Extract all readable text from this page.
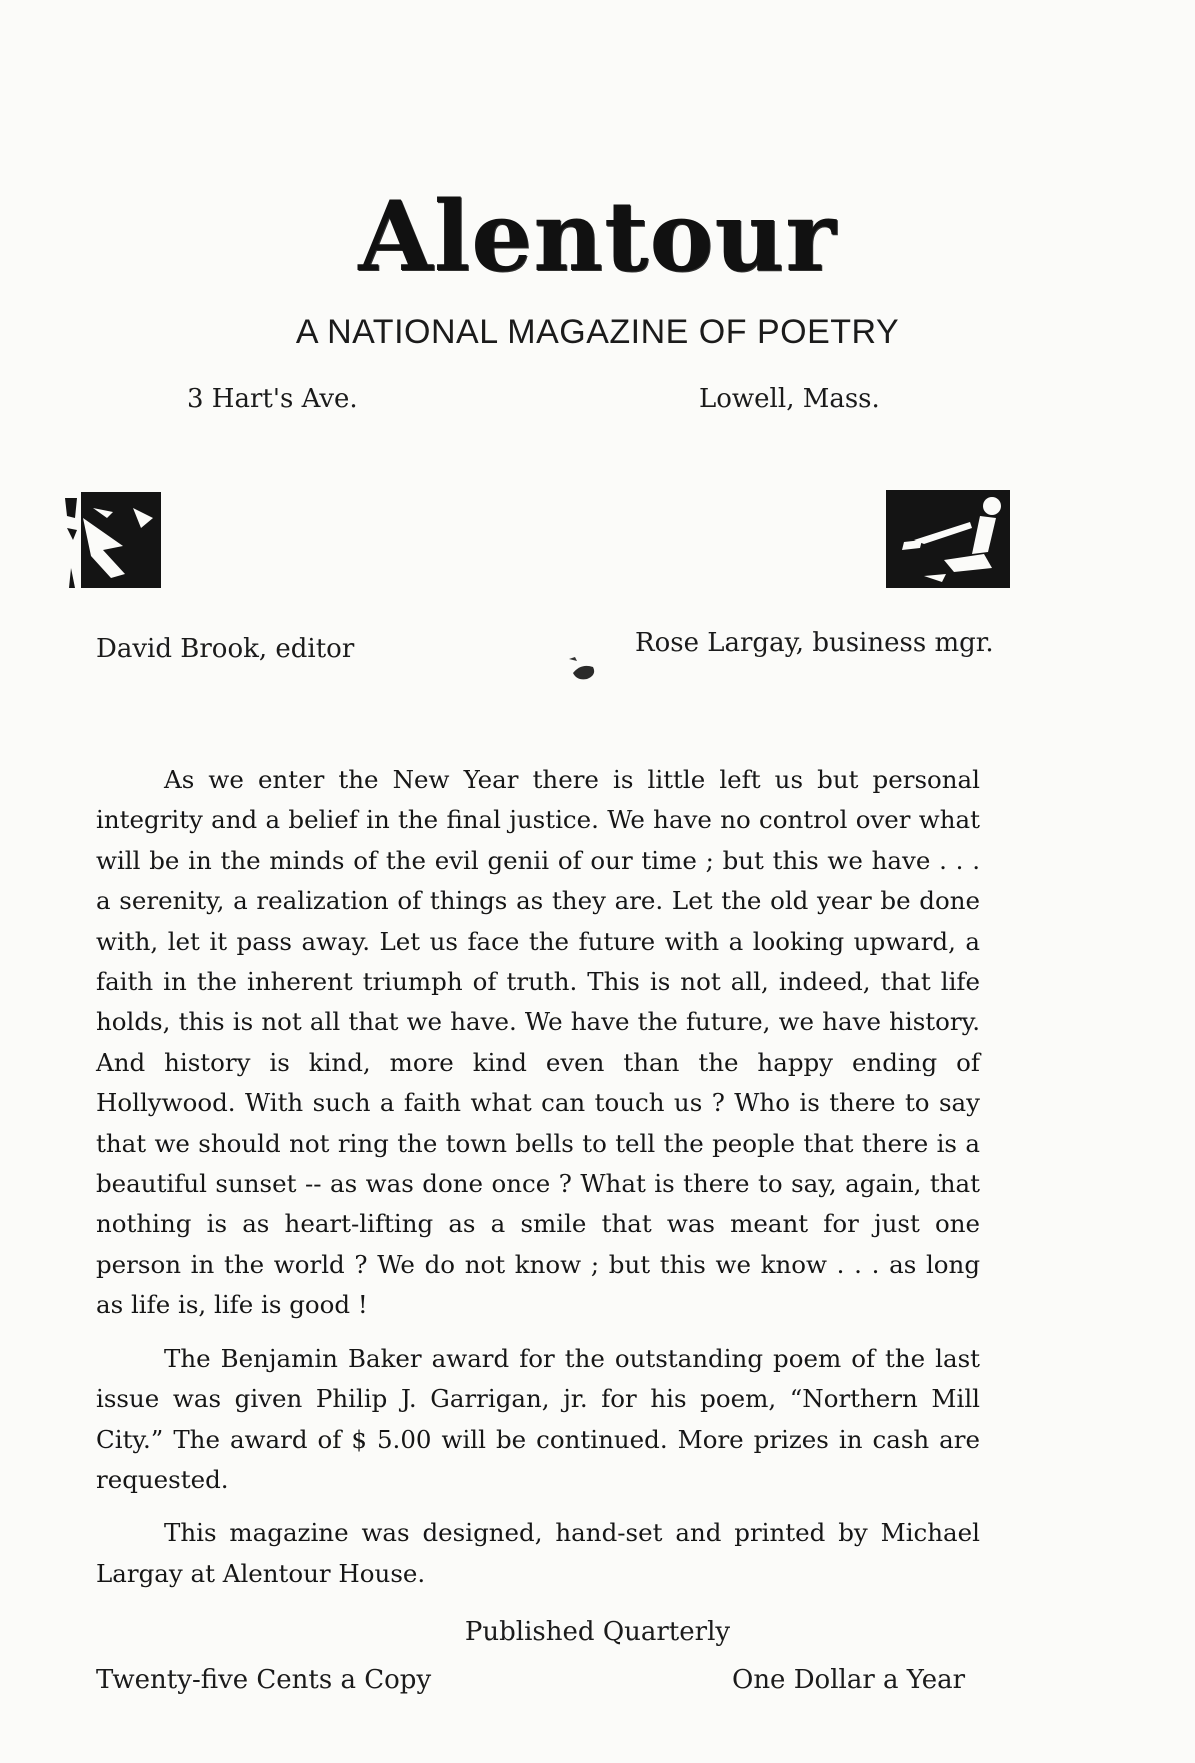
Alentour
A NATIONAL MAGAZINE OF POETRY
3 Hart's Ave.	Lowell, Mass.
David Brook, editor	Rose Largay, business mgr.

As we enter the New Year there is little left us but personal integrity and a belief in the final justice. We have no control over what will be in the minds of the evil genii of our time ; but this we have . . . a serenity, a realization of things as they are. Let the old year be done with, let it pass away. Let us face the future with a looking upward, a faith in the inherent triumph of truth. This is not all, indeed, that life holds, this is not all that we have. We have the future, we have history. And history is kind, more kind even than the happy ending of Hollywood. With such a faith what can touch us ? Who is there to say that we should not ring the town bells to tell the people that there is a beautiful sunset -- as was done once ? What is there to say, again, that nothing is as heart-lifting as a smile that was meant for just one person in the world ? We do not know ; but this we know . . . as long as life is, life is good !

The Benjamin Baker award for the outstanding poem of the last issue was given Philip J. Garrigan, jr. for his poem, “Northern Mill City.” The award of $ 5.00 will be continued. More prizes in cash are requested.

This magazine was designed, hand-set and printed by Michael Largay at Alentour House.

Published Quarterly
Twenty-five Cents a Copy	One Dollar a Year
